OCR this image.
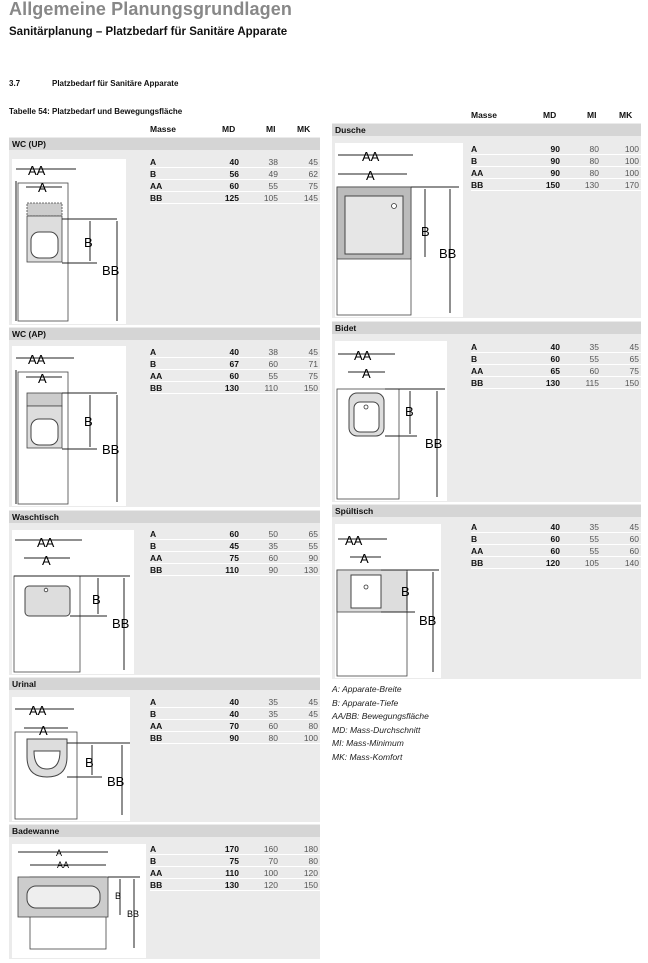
Allgemeine Planungsgrundlagen
Sanitärplanung – Platzbedarf für Sanitäre Apparate
3.7	Platzbedarf für Sanitäre Apparate
Tabelle 54: Platzbedarf und Bewegungsfläche
Masse	MD	MI	MK
Masse	MD	MI	MK
WC (UP)
AA
A
B
BB
A	40	38	45
B	56	49	62
AA	60	55	75
BB	125	105	145
WC (AP)
AA
A
B
BB
A	40	38	45
B	67	60	71
AA	60	55	75
BB	130	110	150
Waschtisch
AA
A
B
BB
A	60	50	65
B	45	35	55
AA	75	60	90
BB	110	90	130
Urinal
AA
A
B
BB
A	40	35	45
B	40	35	45
AA	70	60	80
BB	90	80	100
Badewanne
A
AA
B
BB
A	170	160	180
B	75	70	80
AA	110	100	120
BB	130	120	150
Dusche
AA
A
B
BB
A	90	80	100
B	90	80	100
AA	90	80	100
BB	150	130	170
Bidet
AA
A
B
BB
A	40	35	45
B	60	55	65
AA	65	60	75
BB	130	115	150
Spültisch
AA
A
B
BB
A	40	35	45
B	60	55	60
AA	60	55	60
BB	120	105	140
A: Apparate-Breite
B: Apparate-Tiefe
AA/BB: Bewegungsfläche
MD: Mass-Durchschnitt
MI: Mass-Minimum
MK: Mass-Komfort
